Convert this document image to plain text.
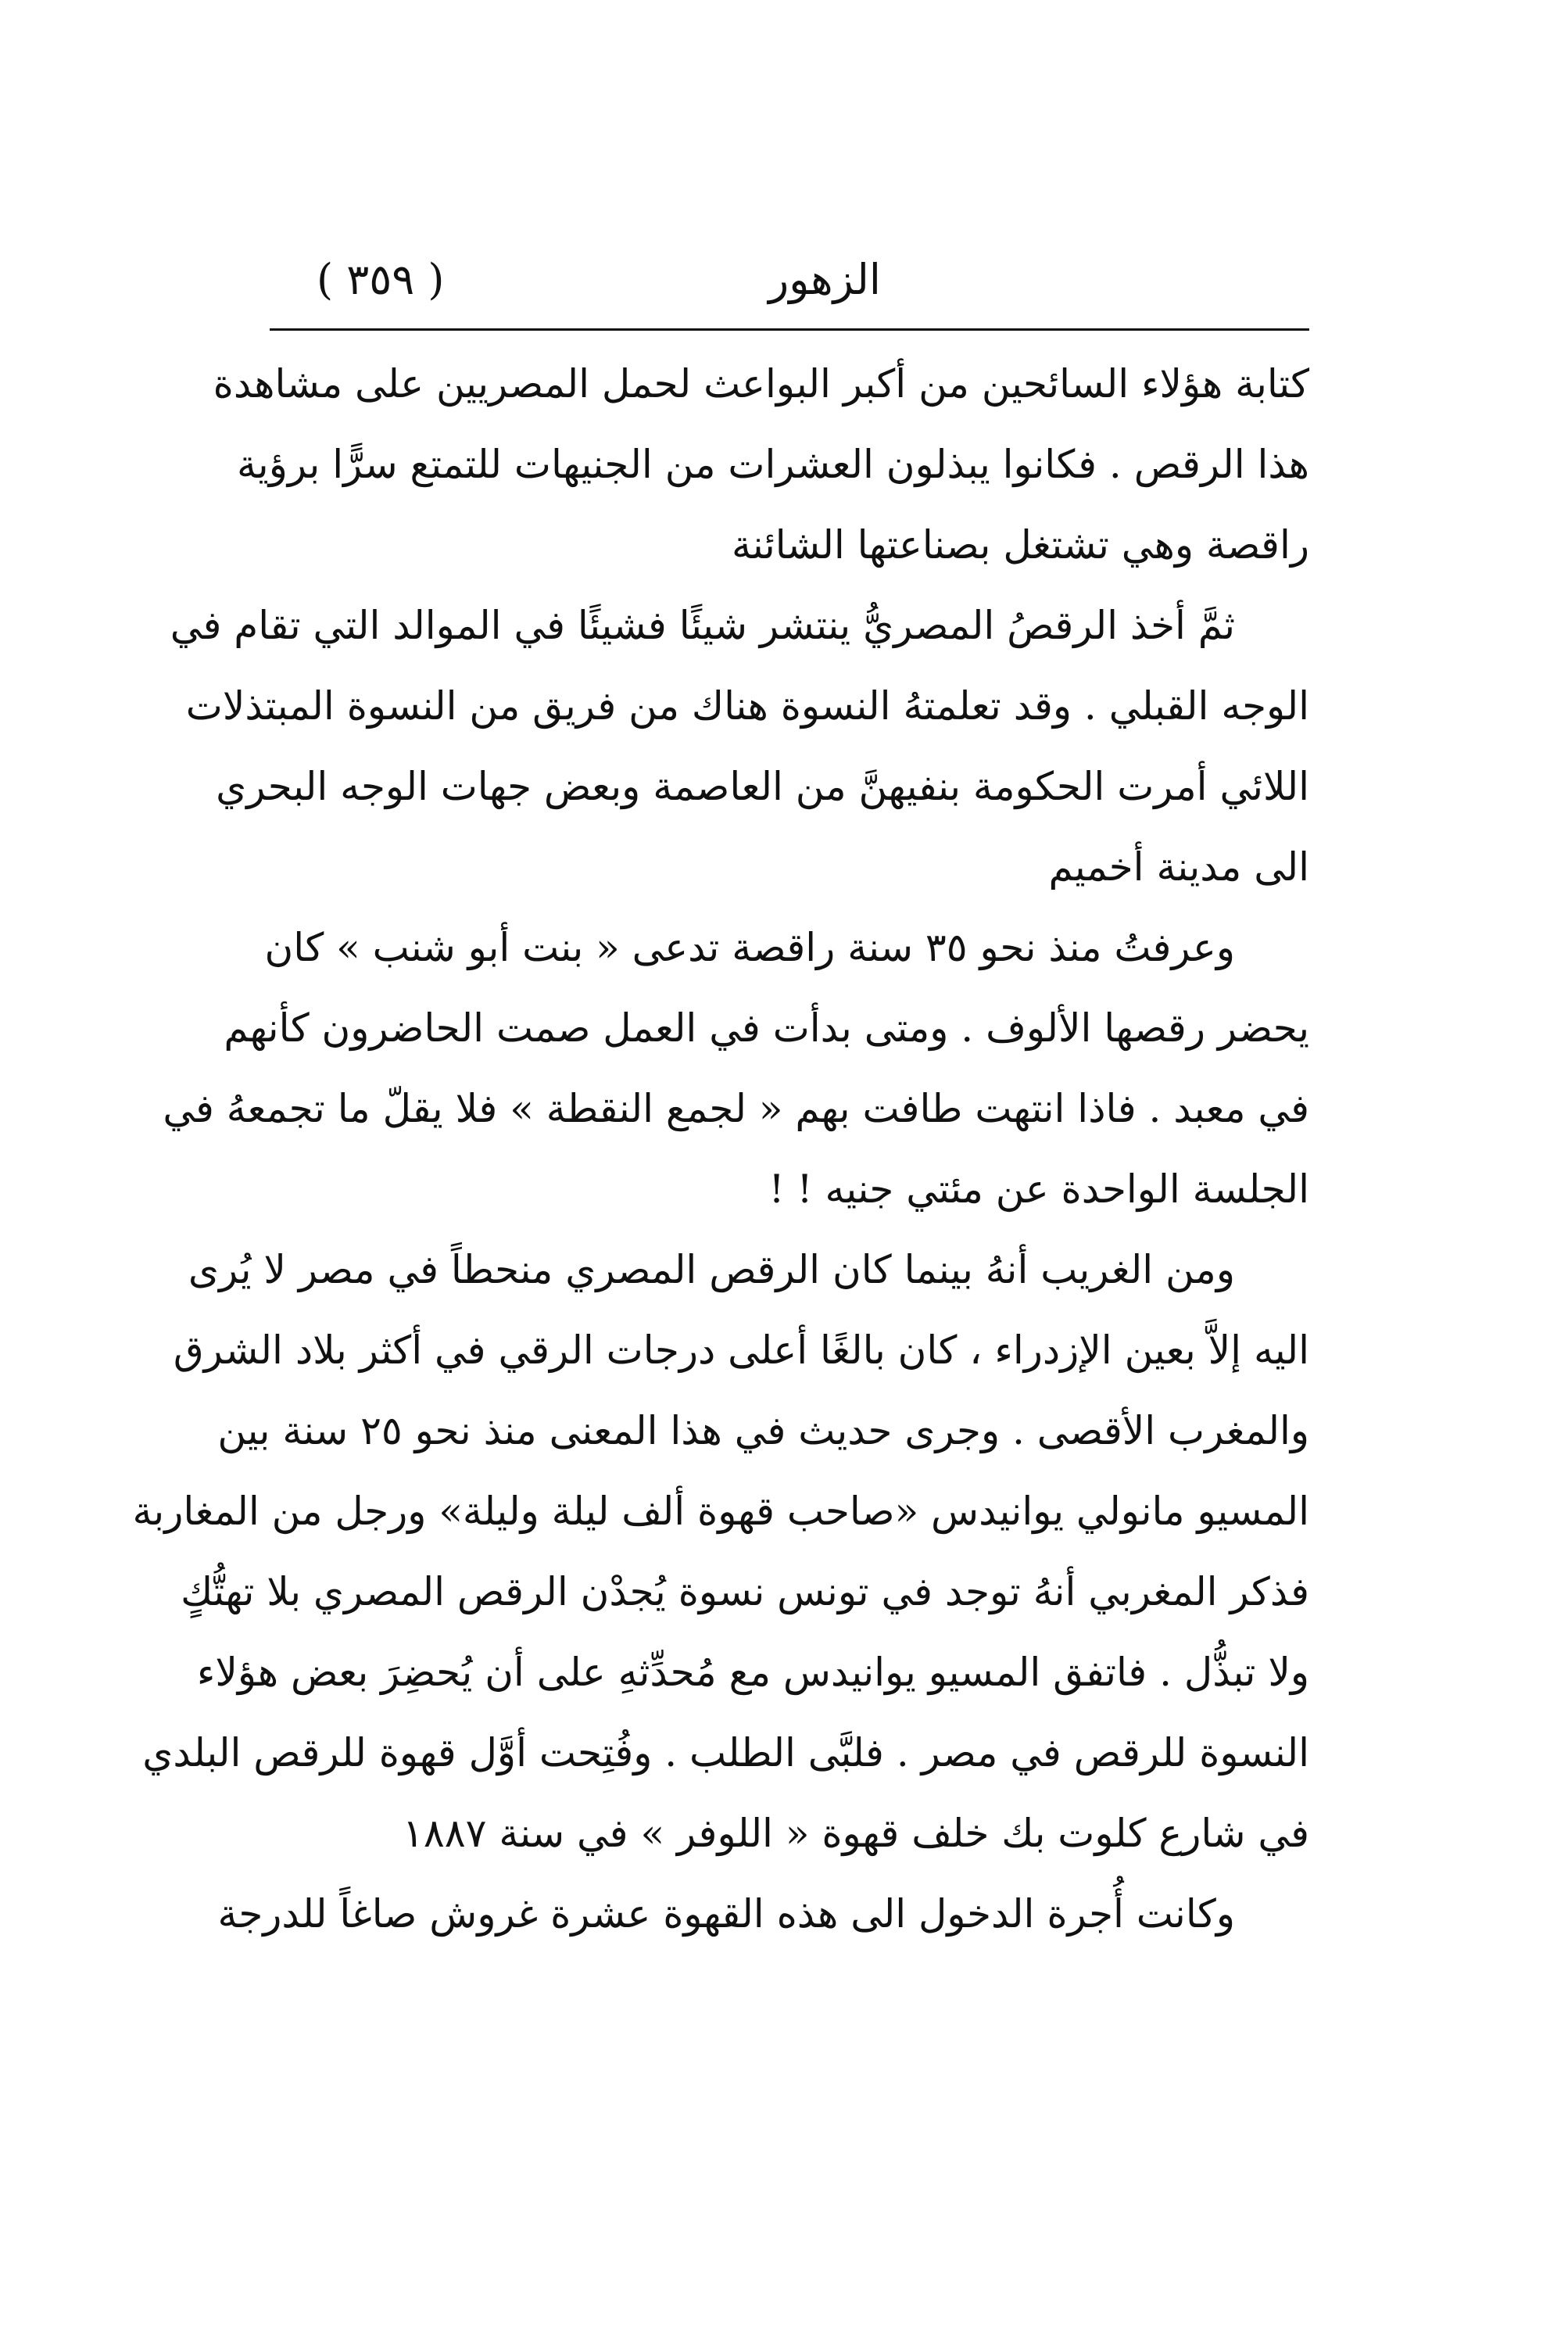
( ٣٥٩ )	الزهور
كتابة هؤلاء السائحين من أكبر البواعث لحمل المصريين على مشاهدة
هذا الرقص . فكانوا يبذلون العشرات من الجنيهات للتمتع سرًّا برؤية
راقصة وهي تشتغل بصناعتها الشائنة
ثمَّ أخذ الرقصُ المصريُّ ينتشر شيئًا فشيئًا في الموالد التي تقام في
الوجه القبلي . وقد تعلمتهُ النسوة هناك من فريق من النسوة المبتذلات
اللائي أمرت الحكومة بنفيهنَّ من العاصمة وبعض جهات الوجه البحري
الى مدينة أخميم
وعرفتُ منذ نحو ٣٥ سنة راقصة تدعى « بنت أبو شنب » كان
يحضر رقصها الألوف . ومتى بدأت في العمل صمت الحاضرون كأنهم
في معبد . فاذا انتهت طافت بهم « لجمع النقطة » فلا يقلّ ما تجمعهُ في
الجلسة الواحدة عن مئتي جنيه ! !
ومن الغريب أنهُ بينما كان الرقص المصري منحطاً في مصر لا يُرى
اليه إلاَّ بعين الإزدراء ، كان بالغًا أعلى درجات الرقي في أكثر بلاد الشرق
والمغرب الأقصى . وجرى حديث في هذا المعنى منذ نحو ٢٥ سنة بين
المسيو مانولي يوانيدس «صاحب قهوة ألف ليلة وليلة» ورجل من المغاربة
فذكر المغربي أنهُ توجد في تونس نسوة يُجدْن الرقص المصري بلا تهتُّكٍ
ولا تبذُّل . فاتفق المسيو يوانيدس مع مُحدِّثهِ على أن يُحضِرَ بعض هؤلاء
النسوة للرقص في مصر . فلبَّى الطلب . وفُتِحت أوَّل قهوة للرقص البلدي
في شارع كلوت بك خلف قهوة « اللوفر » في سنة ١٨٨٧
وكانت أُجرة الدخول الى هذه القهوة عشرة غروش صاغاً للدرجة
